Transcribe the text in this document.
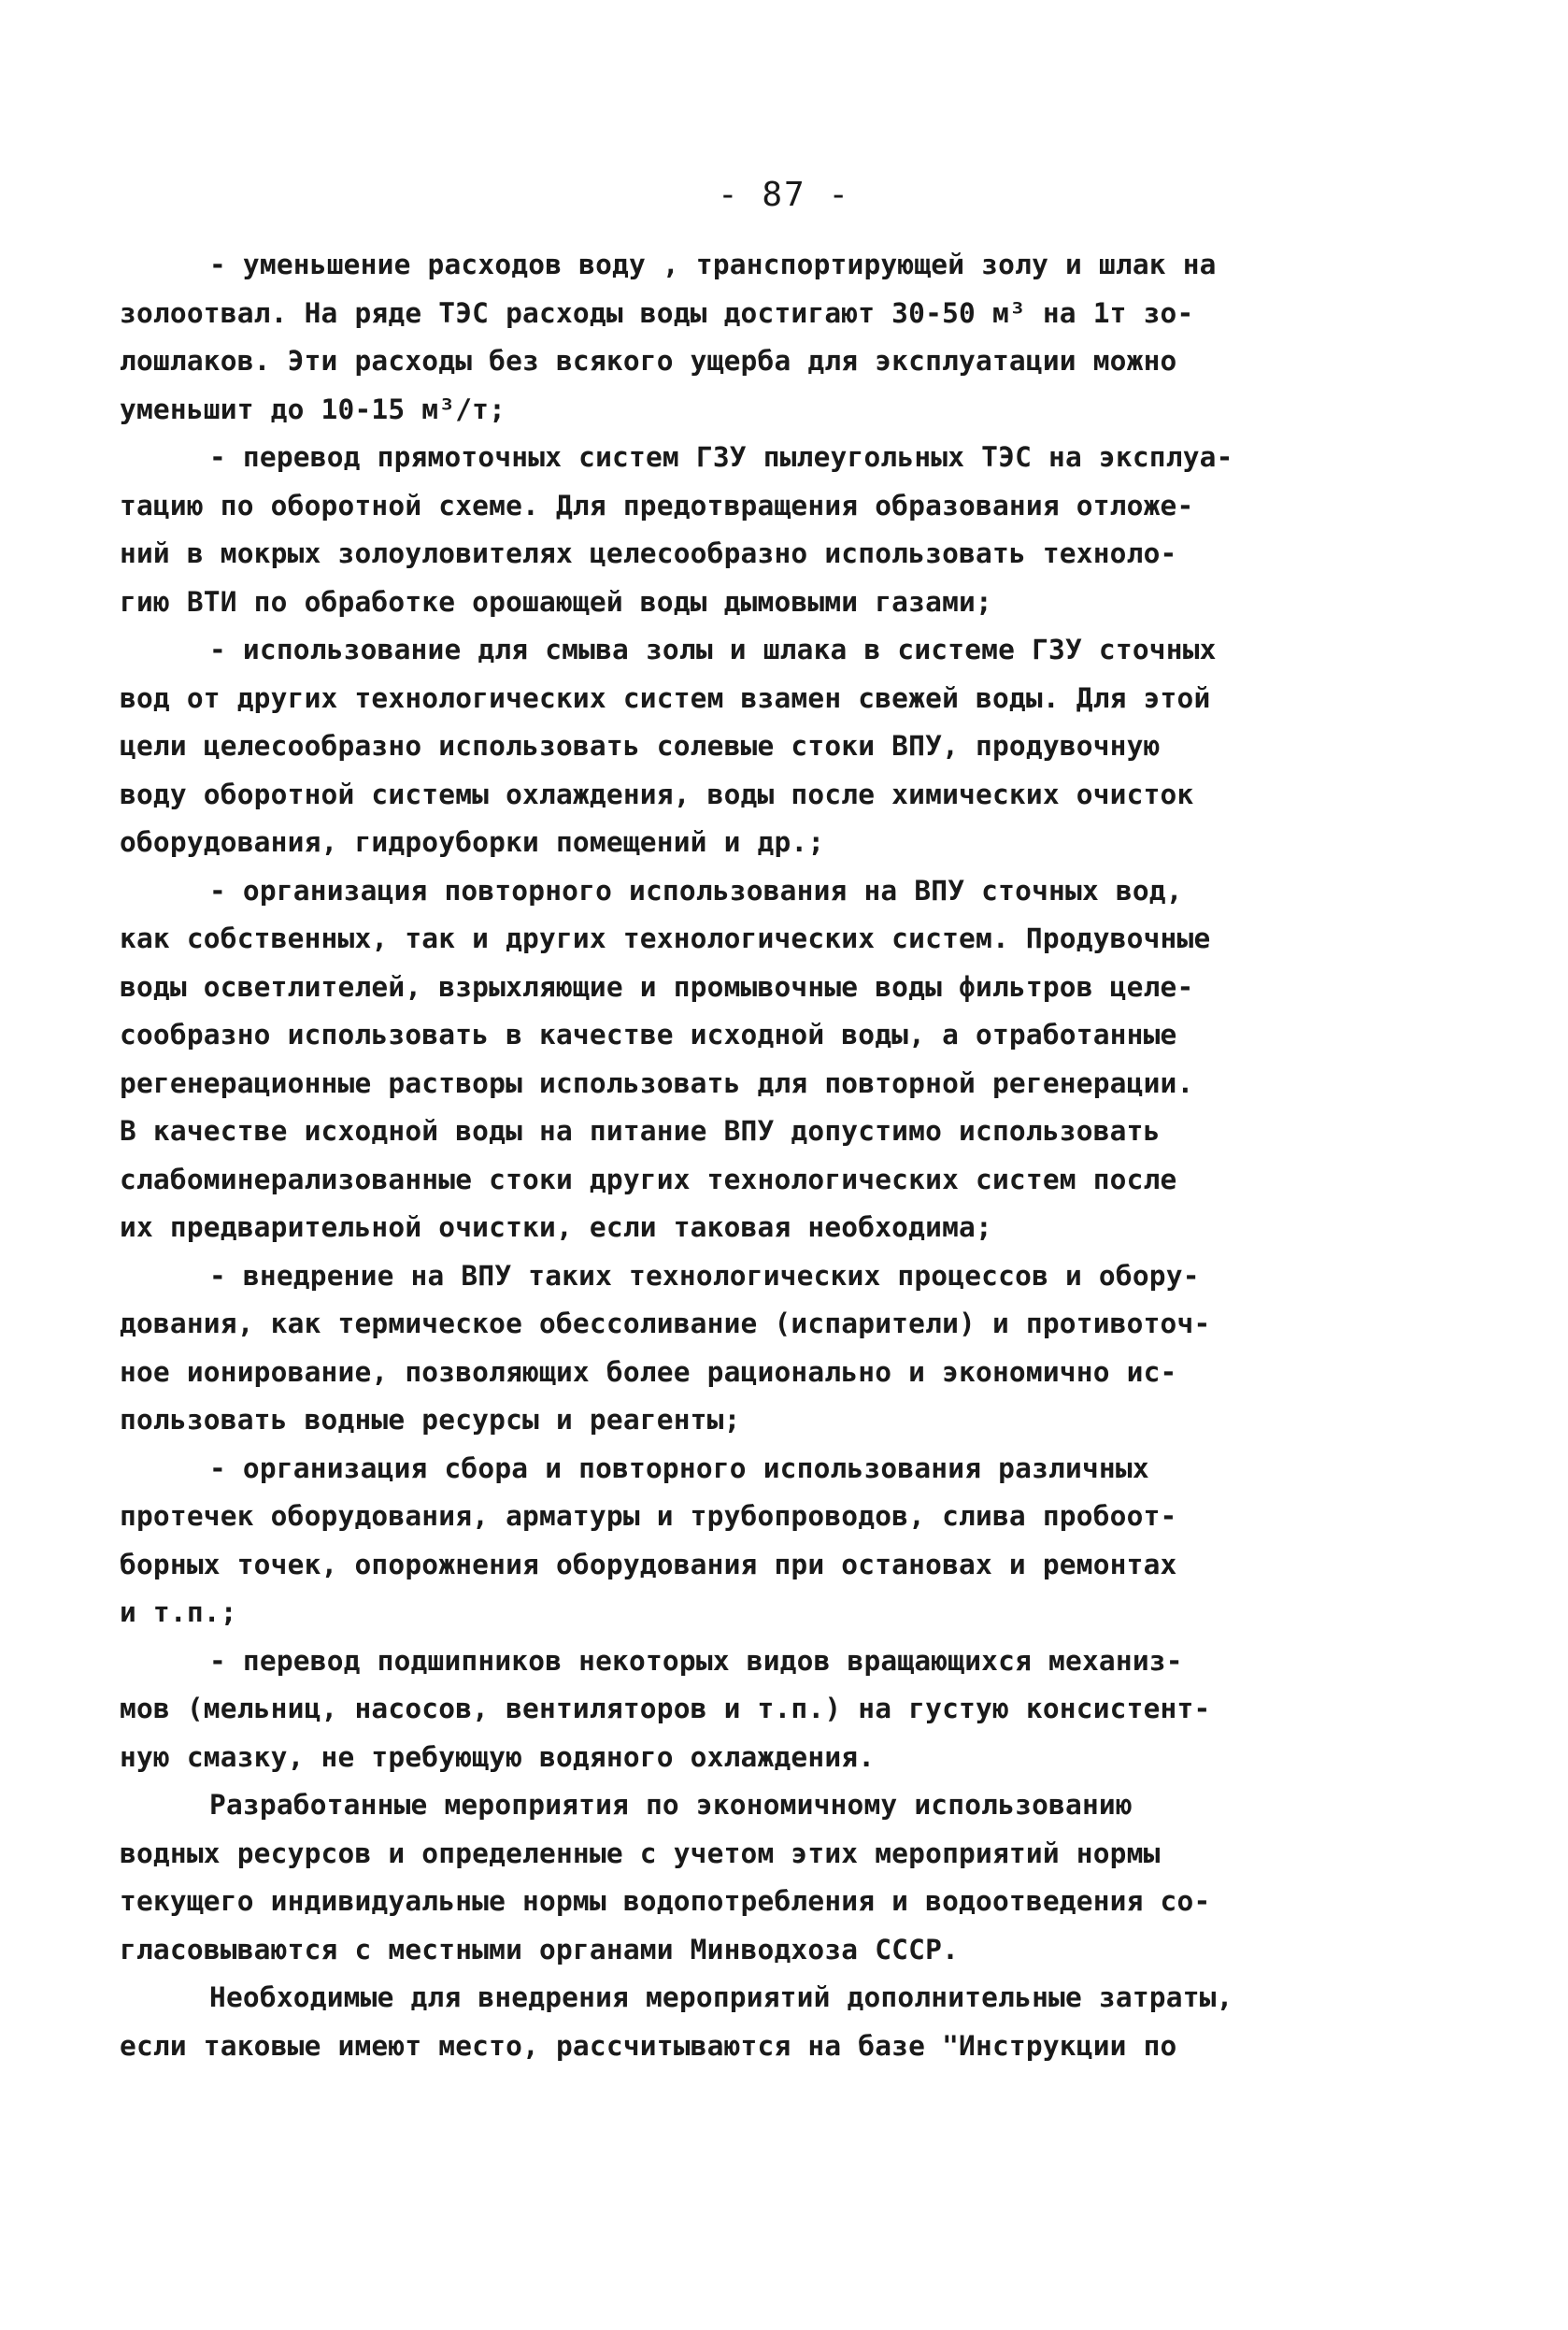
- 87 -
- уменьшение расходов воду , транспортирующей золу и шлак на
золоотвал. На ряде ТЭС расходы воды достигают 30-50 м³ на 1т зо-
лошлаков. Эти расходы без всякого ущерба для эксплуатации можно
уменьшит до 10-15 м³/т;
- перевод прямоточных систем ГЗУ пылеугольных ТЭС на эксплуа-
тацию по оборотной схеме. Для предотвращения образования отложе-
ний в мокрых золоуловителях целесообразно использовать техноло-
гию ВТИ по обработке орошающей воды дымовыми газами;
- использование для смыва золы и шлака в системе ГЗУ сточных
вод от других технологических систем взамен свежей воды. Для этой
цели целесообразно использовать солевые стоки ВПУ, продувочную
воду оборотной системы охлаждения, воды после химических очисток
оборудования, гидроуборки помещений и др.;
- организация повторного использования на ВПУ сточных вод,
как собственных, так и других технологических систем. Продувочные
воды осветлителей, взрыхляющие и промывочные воды фильтров целе-
сообразно использовать в качестве исходной воды, а отработанные
регенерационные растворы использовать для повторной регенерации.
В качестве исходной воды на питание ВПУ допустимо использовать
слабоминерализованные стоки других технологических систем после
их предварительной очистки, если таковая необходима;
- внедрение на ВПУ таких технологических процессов и обору-
дования, как термическое обессоливание (испарители) и противоточ-
ное ионирование, позволяющих более рационально и экономично ис-
пользовать водные ресурсы и реагенты;
- организация сбора и повторного использования различных
протечек оборудования, арматуры и трубопроводов, слива пробоот-
борных точек, опорожнения оборудования при остановах и ремонтах
и т.п.;
- перевод подшипников некоторых видов вращающихся механиз-
мов (мельниц, насосов, вентиляторов и т.п.) на густую консистент-
ную смазку, не требующую водяного охлаждения.
Разработанные мероприятия по экономичному использованию
водных ресурсов и определенные с учетом этих мероприятий нормы
текущего индивидуальные нормы водопотребления и водоотведения со-
гласовываются с местными органами Минводхоза СССР.
Необходимые для внедрения мероприятий дополнительные затраты,
если таковые имеют место, рассчитываются на базе "Инструкции по
